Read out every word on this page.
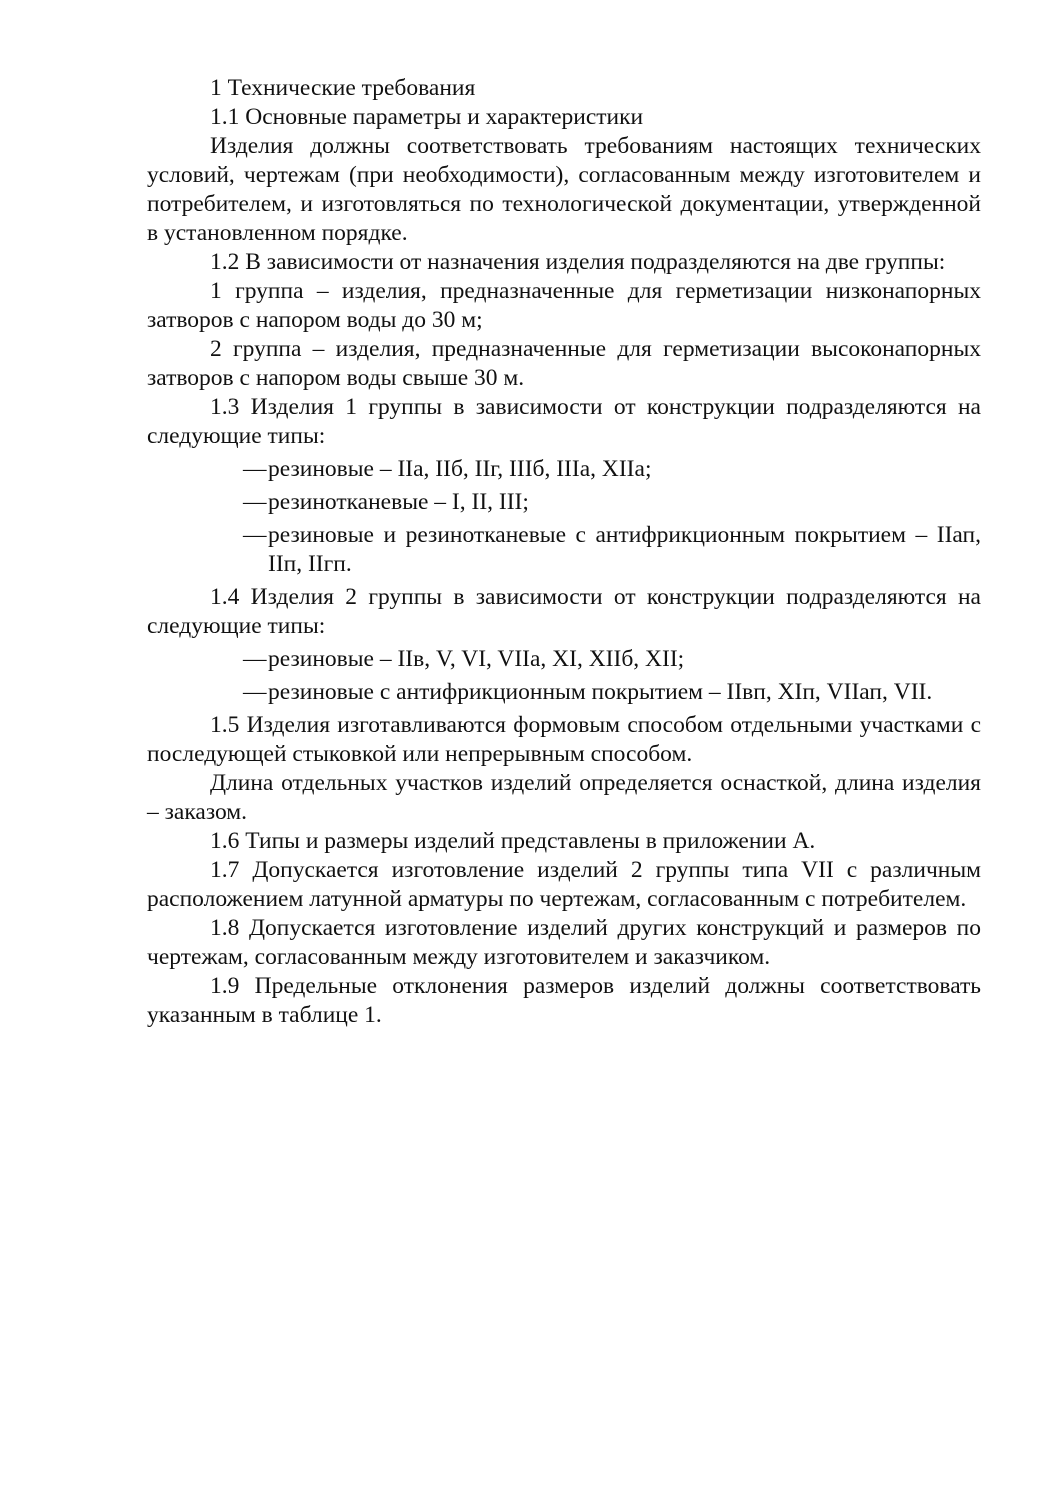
1 Технические требования

1.1 Основные параметры и характеристики

Изделия должны соответствовать требованиям настоящих технических условий, чертежам (при необходимости), согласованным между изготовителем и потребителем, и изготовляться по технологической документации, утвержденной в установленном порядке.

1.2 В зависимости от назначения изделия подразделяются на две группы:

1 группа – изделия, предназначенные для герметизации низконапорных затворов с напором воды до 30 м;

2 группа – изделия, предназначенные для герметизации высоконапорных затворов с напором воды свыше 30 м.

1.3 Изделия 1 группы в зависимости от конструкции подразделяются на следующие типы:

—резиновые – IIа, IIб, IIг, IIIб, IIIа, XIIа;

—резинотканевые – I, II, III;

—резиновые и резинотканевые с антифрикционным покрытием – IIап, IIп, IIгп.

1.4 Изделия 2 группы в зависимости от конструкции подразделяются на следующие типы:

—резиновые – IIв, V, VI, VIIа, XI, XIIб, XII;

—резиновые с антифрикционным покрытием – IIвп, XIп, VIIап, VII.

1.5 Изделия изготавливаются формовым способом отдельными участками с последующей стыковкой или непрерывным способом.

Длина отдельных участков изделий определяется оснасткой, длина изделия – заказом.

1.6 Типы и размеры изделий представлены в приложении А.

1.7 Допускается изготовление изделий 2 группы типа VII с различным расположением латунной арматуры по чертежам, согласованным с потребителем.

1.8 Допускается изготовление изделий других конструкций и размеров по чертежам, согласованным между изготовителем и заказчиком.

1.9 Предельные отклонения размеров изделий должны соответствовать указанным в таблице 1.
